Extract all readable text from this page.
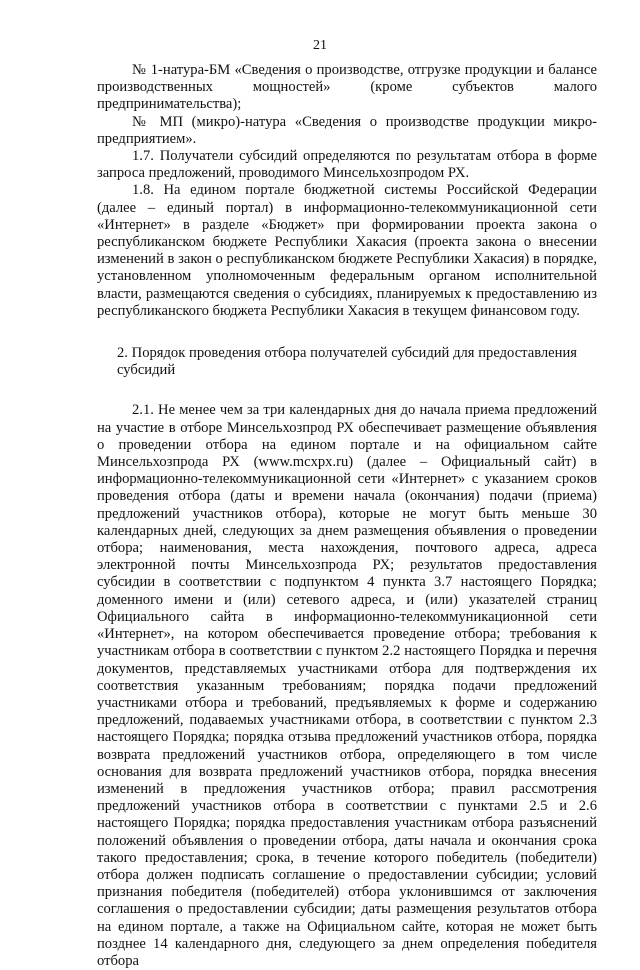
21

№ 1-натура-БМ «Сведения о производстве, отгрузке продукции и балансе производственных мощностей» (кроме субъектов малого предпринимательства);

№ МП (микро)-натура «Сведения о производстве продукции микро-предприятием».

1.7. Получатели субсидий определяются по результатам отбора в форме запроса предложений, проводимого Минсельхозпродом РХ.

1.8. На едином портале бюджетной системы Российской Федерации (далее – единый портал) в информационно-телекоммуникационной сети «Интернет» в разделе «Бюджет» при формировании проекта закона о республиканском бюджете Республики Хакасия (проекта закона о внесении изменений в закон о республиканском бюджете Республики Хакасия) в порядке, установленном уполномоченным федеральным органом исполнительной власти, размещаются сведения о субсидиях, планируемых к предоставлению из республиканского бюджета Республики Хакасия в текущем финансовом году.

2. Порядок проведения отбора получателей субсидий для предоставления субсидий

2.1. Не менее чем за три календарных дня до начала приема предложений на участие в отборе Минсельхозпрод РХ обеспечивает размещение объявления о проведении отбора на едином портале и на официальном сайте Минсельхозпрода РХ (www.mcxpx.ru) (далее – Официальный сайт) в информационно-телекоммуникационной сети «Интернет» с указанием сроков проведения отбора (даты и времени начала (окончания) подачи (приема) предложений участников отбора), которые не могут быть меньше 30 календарных дней, следующих за днем размещения объявления о проведении отбора; наименования, места нахождения, почтового адреса, адреса электронной почты Минсельхозпрода РХ; результатов предоставления субсидии в соответствии с подпунктом 4 пункта 3.7 настоящего Порядка; доменного имени и (или) сетевого адреса, и (или) указателей страниц Официального сайта в информационно-телекоммуникационной сети «Интернет», на котором обеспечивается проведение отбора; требования к участникам отбора в соответствии с пунктом 2.2 настоящего Порядка и перечня документов, представляемых участниками отбора для подтверждения их соответствия указанным требованиям; порядка подачи предложений участниками отбора и требований, предъявляемых к форме и содержанию предложений, подаваемых участниками отбора, в соответствии с пунктом 2.3 настоящего Порядка; порядка отзыва предложений участников отбора, порядка возврата предложений участников отбора, определяющего в том числе основания для возврата предложений участников отбора, порядка внесения изменений в предложения участников отбора; правил рассмотрения предложений участников отбора в соответствии с пунктами 2.5 и 2.6 настоящего Порядка; порядка предоставления участникам отбора разъяснений положений объявления о проведении отбора, даты начала и окончания срока такого предоставления; срока, в течение которого победитель (победители) отбора должен подписать соглашение о предоставлении субсидии; условий признания победителя (победителей) отбора уклонившимся от заключения соглашения о предоставлении субсидии; даты размещения результатов отбора на едином портале, а также на Официальном сайте, которая не может быть позднее 14 календарного дня, следующего за днем определения победителя отбора
